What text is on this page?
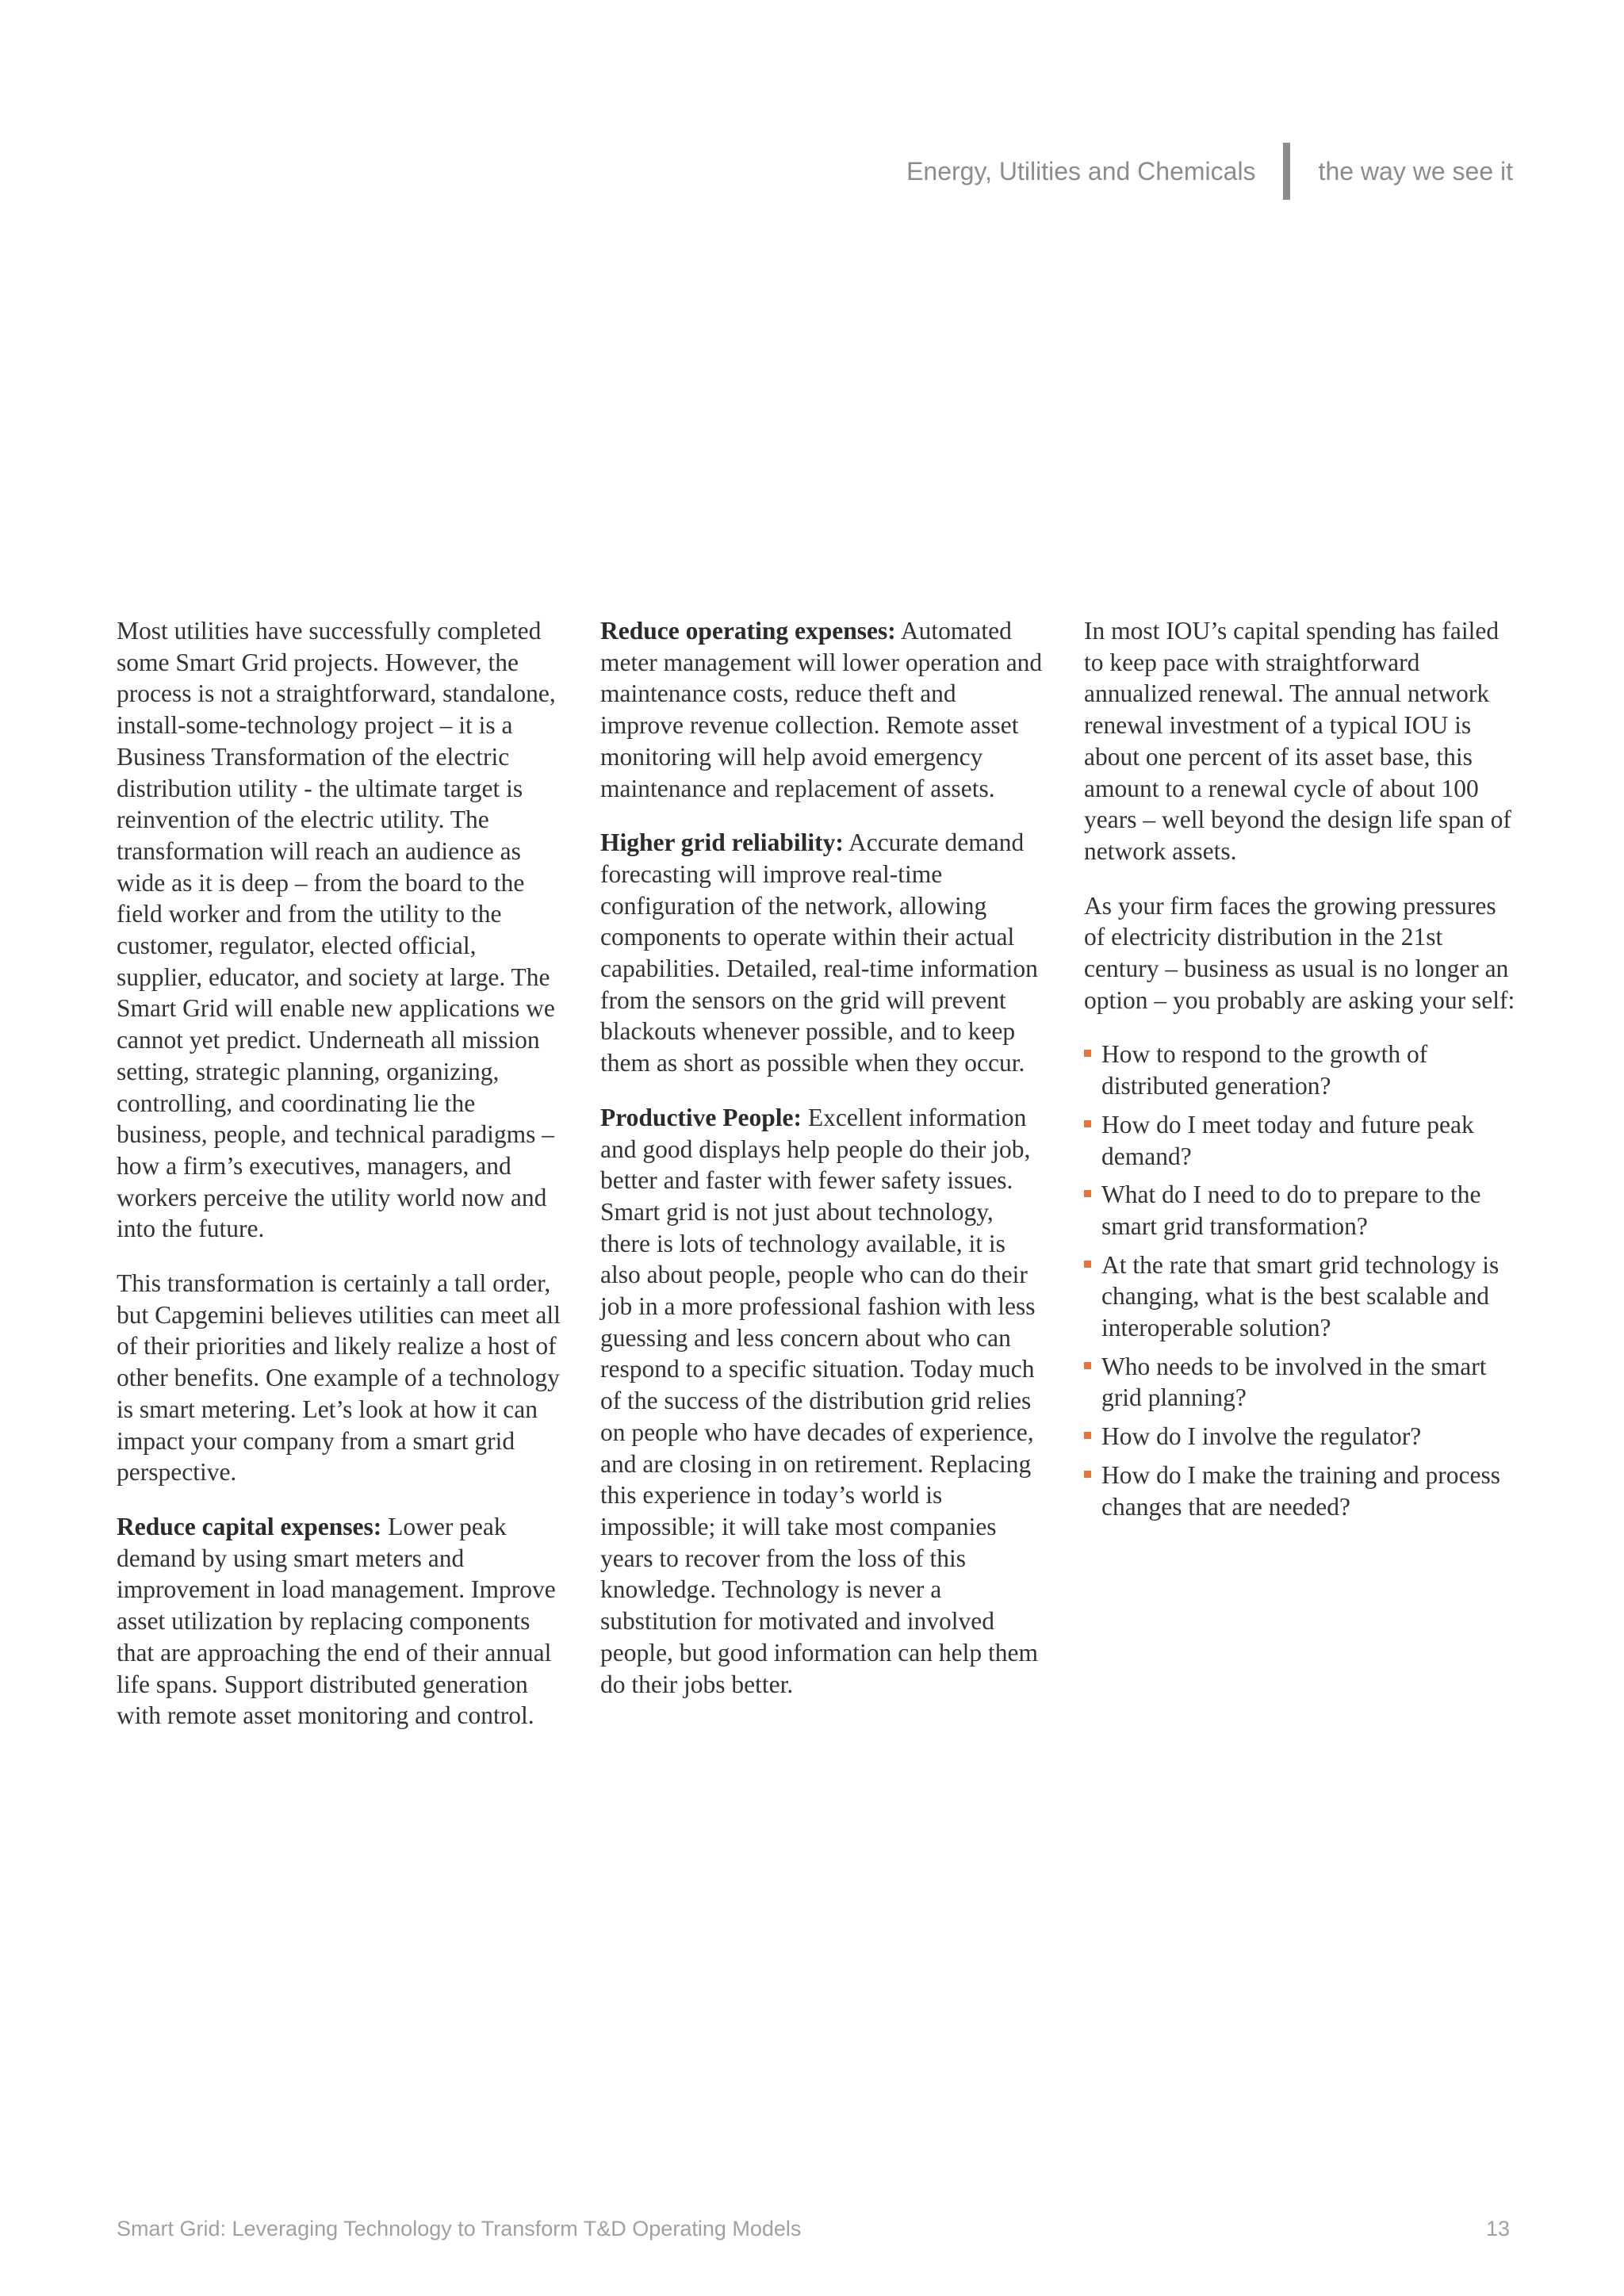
Energy, Utilities and Chemicals the way we see it

Most utilities have successfully completed some Smart Grid projects. However, the process is not a straightforward, standalone, install-some-technology project – it is a Business Transformation of the electric distribution utility - the ultimate target is reinvention of the electric utility. The transformation will reach an audience as wide as it is deep – from the board to the field worker and from the utility to the customer, regulator, elected official, supplier, educator, and society at large. The Smart Grid will enable new applications we cannot yet predict. Underneath all mission setting, strategic planning, organizing, controlling, and coordinating lie the business, people, and technical paradigms – how a firm’s executives, managers, and workers perceive the utility world now and into the future.

This transformation is certainly a tall order, but Capgemini believes utilities can meet all of their priorities and likely realize a host of other benefits. One example of a technology is smart metering. Let’s look at how it can impact your company from a smart grid perspective.

Reduce capital expenses: Lower peak demand by using smart meters and improvement in load management. Improve asset utilization by replacing components that are approaching the end of their annual life spans. Support distributed generation with remote asset monitoring and control.

Reduce operating expenses: Automated meter management will lower operation and maintenance costs, reduce theft and improve revenue collection. Remote asset monitoring will help avoid emergency maintenance and replacement of assets.

Higher grid reliability: Accurate demand forecasting will improve real-time configuration of the network, allowing components to operate within their actual capabilities. Detailed, real-time information from the sensors on the grid will prevent blackouts whenever possible, and to keep them as short as possible when they occur.

Productive People: Excellent information and good displays help people do their job, better and faster with fewer safety issues. Smart grid is not just about technology, there is lots of technology available, it is also about people, people who can do their job in a more professional fashion with less guessing and less concern about who can respond to a specific situation. Today much of the success of the distribution grid relies on people who have decades of experience, and are closing in on retirement. Replacing this experience in today’s world is impossible; it will take most companies years to recover from the loss of this knowledge. Technology is never a substitution for motivated and involved people, but good information can help them do their jobs better.

In most IOU’s capital spending has failed to keep pace with straightforward annualized renewal. The annual network renewal investment of a typical IOU is about one percent of its asset base, this amount to a renewal cycle of about 100 years – well beyond the design life span of network assets.

As your firm faces the growing pressures of electricity distribution in the 21st century – business as usual is no longer an option – you probably are asking your self:

How to respond to the growth of distributed generation?
How do I meet today and future peak demand?
What do I need to do to prepare to the smart grid transformation?
At the rate that smart grid technology is changing, what is the best scalable and interoperable solution?
Who needs to be involved in the smart grid planning?
How do I involve the regulator?
How do I make the training and process changes that are needed?
Smart Grid: Leveraging Technology to Transform T&D Operating Models	13
